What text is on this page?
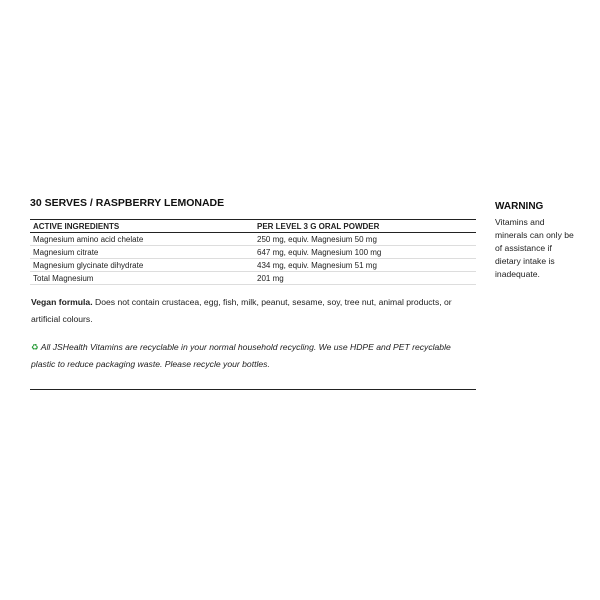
30 SERVES / RASPBERRY LEMONADE
ACTIVE INGREDIENTS	PER LEVEL 3 G ORAL POWDER
Magnesium amino acid chelate	250 mg, equiv. Magnesium 50 mg
Magnesium citrate	647 mg, equiv. Magnesium 100 mg
Magnesium glycinate dihydrate	434 mg, equiv. Magnesium 51 mg
Total Magnesium	201 mg
Vegan formula. Does not contain crustacea, egg, fish, milk, peanut, sesame, soy, tree nut, animal products, or artificial colours.
♻ All JSHealth Vitamins are recyclable in your normal household recycling. We use HDPE and PET recyclable plastic to reduce packaging waste. Please recycle your bottles.
WARNING

Vitamins and minerals can only be of assistance if dietary intake is inadequate.
